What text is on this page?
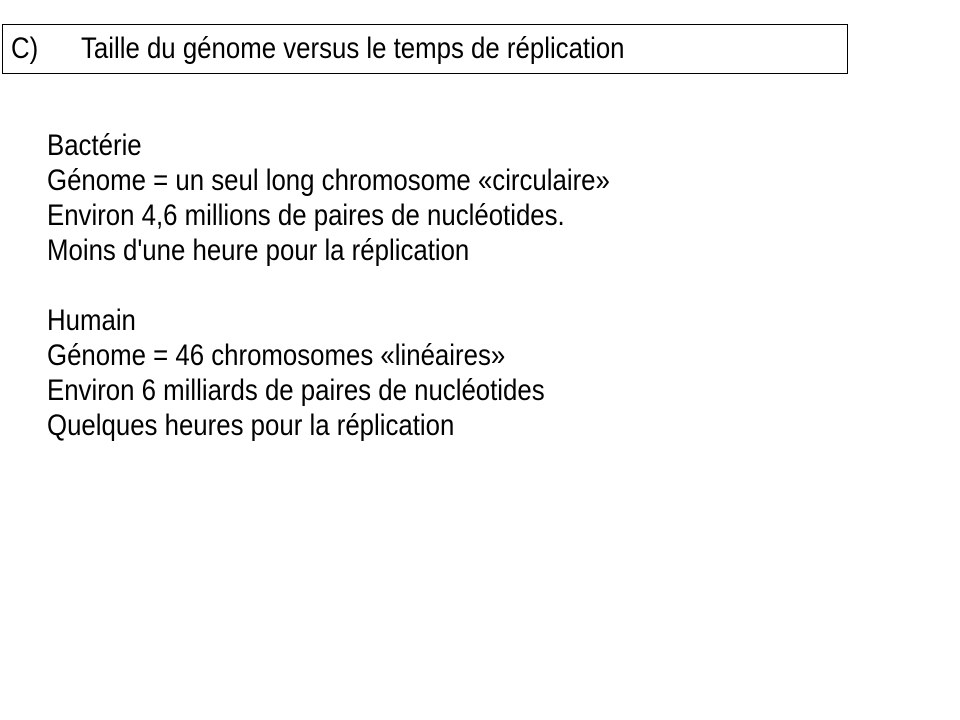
C) Taille du génome versus le temps de réplication
Bactérie
Génome = un seul long chromosome «circulaire»
Environ 4,6 millions de paires de nucléotides.
Moins d'une heure pour la réplication
Humain
Génome = 46 chromosomes «linéaires»
Environ 6 milliards de paires de nucléotides
Quelques heures pour la réplication
